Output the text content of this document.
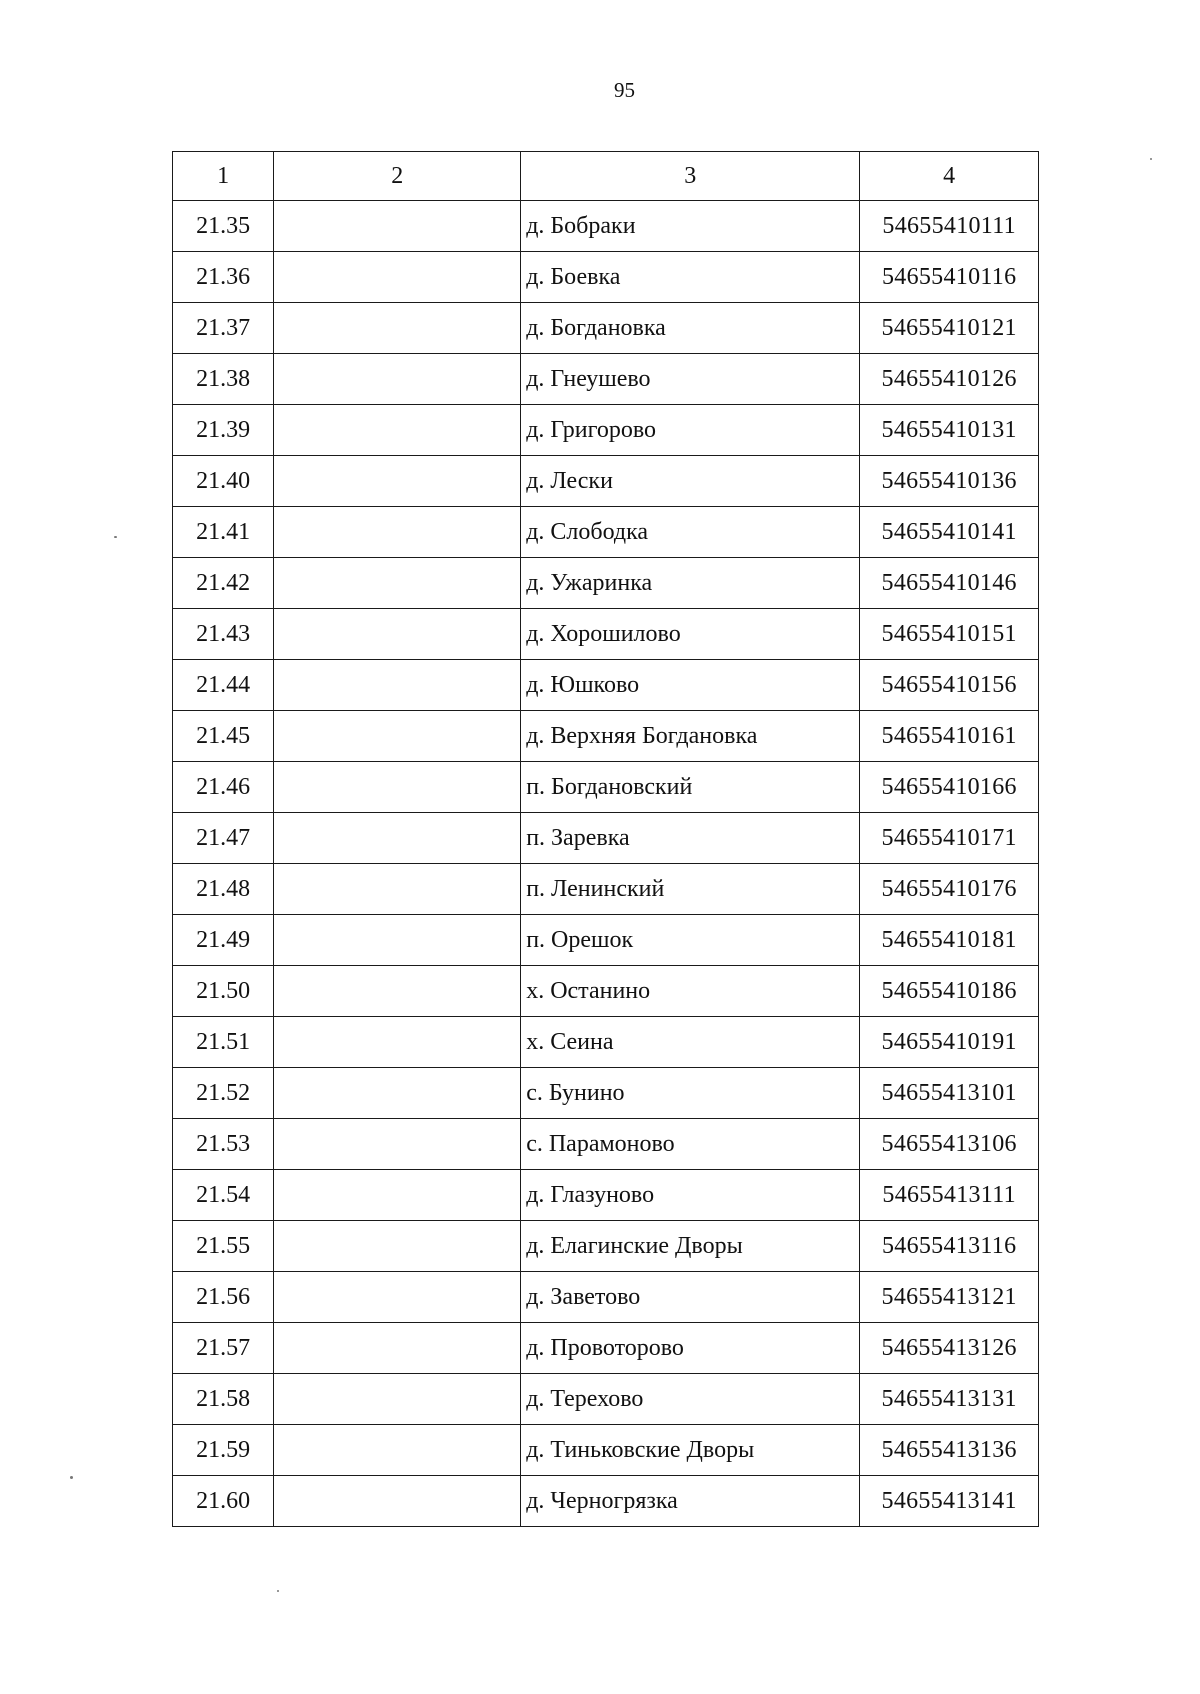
95
1	2	3	4
21.35		д. Бобраки	54655410111
21.36		д. Боевка	54655410116
21.37		д. Богдановка	54655410121
21.38		д. Гнеушево	54655410126
21.39		д. Григорово	54655410131
21.40		д. Лески	54655410136
21.41		д. Слободка	54655410141
21.42		д. Ужаринка	54655410146
21.43		д. Хорошилово	54655410151
21.44		д. Юшково	54655410156
21.45		д. Верхняя Богдановка	54655410161
21.46		п. Богдановский	54655410166
21.47		п. Заревка	54655410171
21.48		п. Ленинский	54655410176
21.49		п. Орешок	54655410181
21.50		х. Останино	54655410186
21.51		х. Сеина	54655410191
21.52		с. Бунино	54655413101
21.53		с. Парамоново	54655413106
21.54		д. Глазуново	54655413111
21.55		д. Елагинские Дворы	54655413116
21.56		д. Заветово	54655413121
21.57		д. Провоторово	54655413126
21.58		д. Терехово	54655413131
21.59		д. Тиньковские Дворы	54655413136
21.60		д. Черногрязка	54655413141
